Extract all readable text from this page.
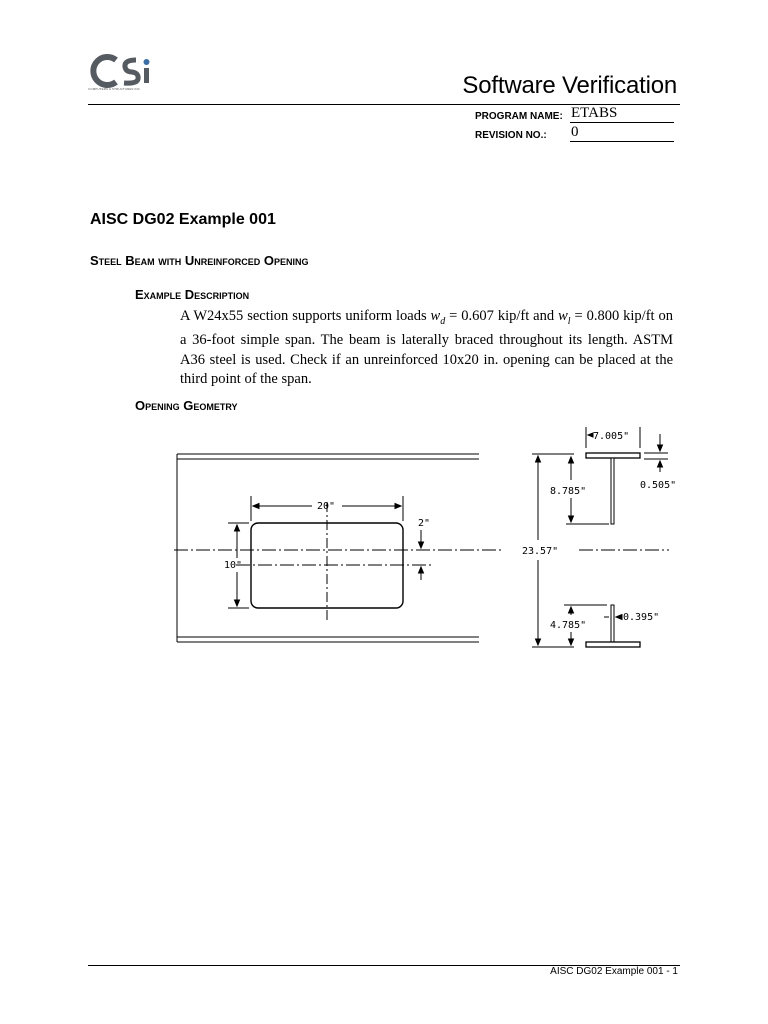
COMPUTERS & STRUCTURES INC.	Software Verification
PROGRAM NAME: ETABS
REVISION NO.: 0
AISC DG02 Example 001
Steel Beam with Unreinforced Opening
Example Description
A W24x55 section supports uniform loads $w_d = 0.607$ kip/ft and $w_l = 0.800$ kip/ft on a 36-foot simple span. The beam is laterally braced throughout its length. ASTM A36 steel is used. Check if an unreinforced 10x20 in. opening can be placed at the third point of the span.
Opening Geometry
20"
10"
2"
7.005"
8.785"
0.505"
23.57"
4.785"
0.395"
AISC DG02 Example 001 - 1
